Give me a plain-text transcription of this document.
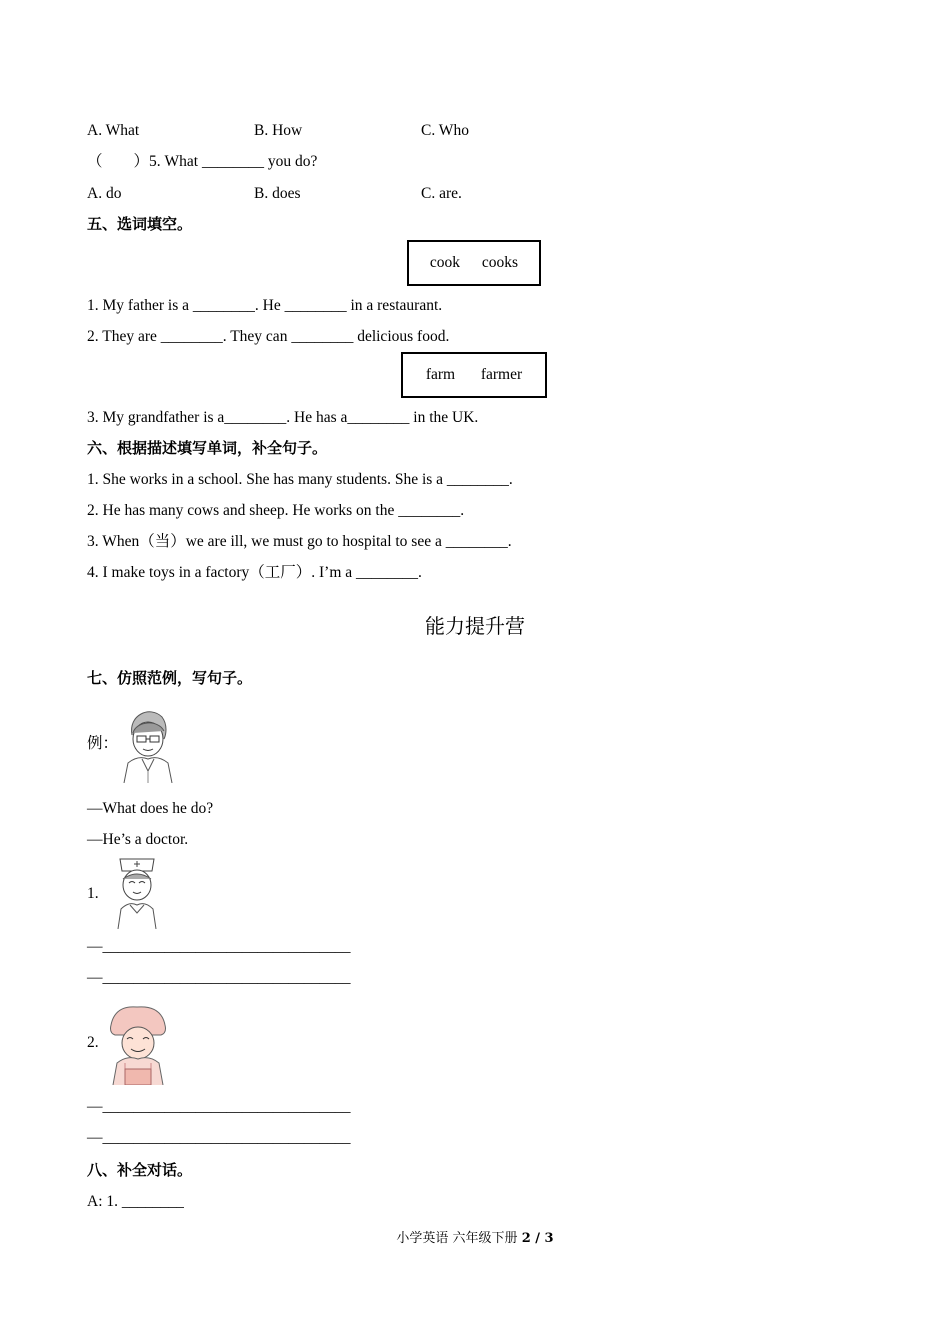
A. What	B. How	C. Who
（　　）5. What ________ you do?
A. do	B. does	C. are.
五、选词填空。
cook cooks
1. My father is a ________. He ________ in a restaurant.
2. They are ________. They can ________ delicious food.
farm farmer
3. My grandfather is a________. He has a________ in the UK.
六、根据描述填写单词，补全句子。
1. She works in a school. She has many students. She is a ________.
2. He has many cows and sheep. He works on the ________.
3. When（当）we are ill, we must go to hospital to see a ________.
4. I make toys in a factory（工厂）. I’m a ________.
能力提升营
七、仿照范例，写句子。
例：
—What does he do?
—He’s a doctor.
1.
—________________________________
—________________________________
2.
—________________________________
—________________________________
八、补全对话。
A: 1. ________
小学英语 六年级下册 2 / 3
